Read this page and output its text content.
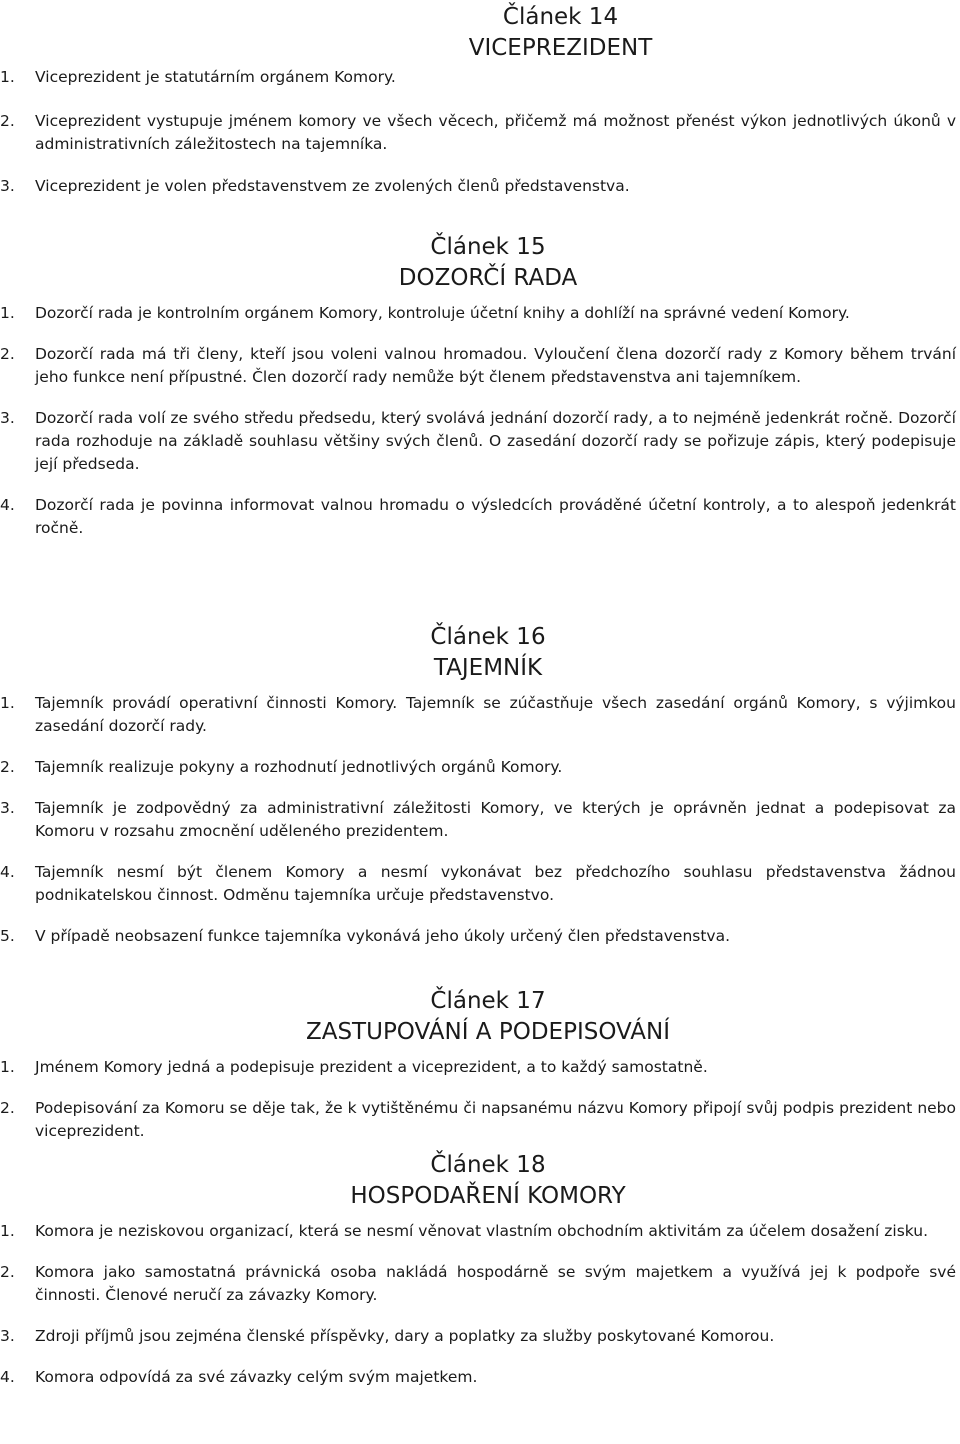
Článek 14
VICEPREZIDENT
1. Viceprezident je statutárním orgánem Komory.
2. Viceprezident vystupuje jménem komory ve všech věcech, přičemž má možnost přenést výkon jednotlivých úkonů v administrativních záležitostech na tajemníka.
3. Viceprezident je volen představenstvem ze zvolených členů představenstva.
Článek 15
DOZORČÍ RADA
1. Dozorčí rada je kontrolním orgánem Komory, kontroluje účetní knihy a dohlíží na správné vedení Komory.
2. Dozorčí rada má tři členy, kteří jsou voleni valnou hromadou. Vyloučení člena dozorčí rady z Komory během trvání jeho funkce není přípustné. Člen dozorčí rady nemůže být členem představenstva ani tajemníkem.
3. Dozorčí rada volí ze svého středu předsedu, který svolává jednání dozorčí rady, a to nejméně jedenkrát ročně. Dozorčí rada rozhoduje na základě souhlasu většiny svých členů. O zasedání dozorčí rady se pořizuje zápis, který podepisuje její předseda.
4. Dozorčí rada je povinna informovat valnou hromadu o výsledcích prováděné účetní kontroly, a to alespoň jedenkrát ročně.
Článek 16
TAJEMNÍK
1. Tajemník provádí operativní činnosti Komory. Tajemník se zúčastňuje všech zasedání orgánů Komory, s výjimkou zasedání dozorčí rady.
2. Tajemník realizuje pokyny a rozhodnutí jednotlivých orgánů Komory.
3. Tajemník je zodpovědný za administrativní záležitosti Komory, ve kterých je oprávněn jednat a podepisovat za Komoru v rozsahu zmocnění uděleného prezidentem.
4. Tajemník nesmí být členem Komory a nesmí vykonávat bez předchozího souhlasu představenstva žádnou podnikatelskou činnost. Odměnu tajemníka určuje představenstvo.
5. V případě neobsazení funkce tajemníka vykonává jeho úkoly určený člen představenstva.
Článek 17
ZASTUPOVÁNÍ A PODEPISOVÁNÍ
1. Jménem Komory jedná a podepisuje prezident a viceprezident, a to každý samostatně.
2. Podepisování za Komoru se děje tak, že k vytištěnému či napsanému názvu Komory připojí svůj podpis prezident nebo viceprezident.
Článek 18
HOSPODAŘENÍ KOMORY
1. Komora je neziskovou organizací, která se nesmí věnovat vlastním obchodním aktivitám za účelem dosažení zisku.
2. Komora jako samostatná právnická osoba nakládá hospodárně se svým majetkem a využívá jej k podpoře své činnosti. Členové neručí za závazky Komory.
3. Zdroji příjmů jsou zejména členské příspěvky, dary a poplatky za služby poskytované Komorou.
4. Komora odpovídá za své závazky celým svým majetkem.
